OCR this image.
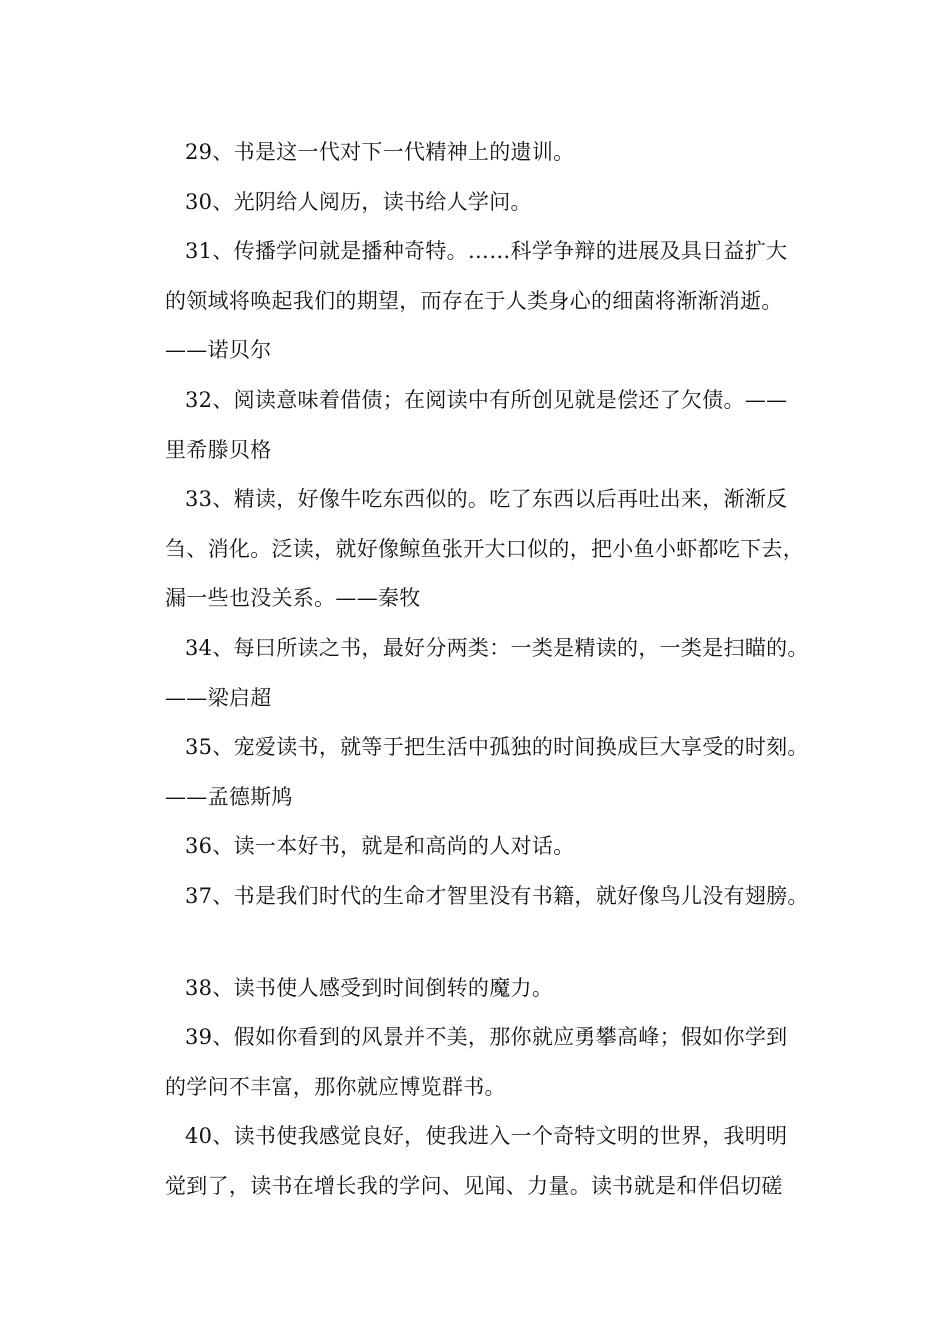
29、书是这一代对下一代精神上的遗训。

30、光阴给人阅历，读书给人学问。

31、传播学问就是播种奇特。……科学争辩的进展及具日益扩大
的领域将唤起我们的期望，而存在于人类身心的细菌将渐渐消逝。
——诺贝尔

32、阅读意味着借债；在阅读中有所创见就是偿还了欠债。——
里希滕贝格

33、精读，好像牛吃东西似的。吃了东西以后再吐出来，渐渐反
刍、消化。泛读，就好像鲸鱼张开大口似的，把小鱼小虾都吃下去，
漏一些也没关系。——秦牧

34、每曰所读之书，最好分两类：一类是精读的，一类是扫瞄的。
——梁启超

35、宠爱读书，就等于把生活中孤独的时间换成巨大享受的时刻。
——孟德斯鸠

36、读一本好书，就是和高尚的人对话。

37、书是我们时代的生命才智里没有书籍，就好像鸟儿没有翅膀。

38、读书使人感受到时间倒转的魔力。

39、假如你看到的风景并不美，那你就应勇攀高峰；假如你学到
的学问不丰富，那你就应博览群书。

40、读书使我感觉良好，使我进入一个奇特文明的世界，我明明
觉到了，读书在增长我的学问、见闻、力量。读书就是和伴侣切磋
